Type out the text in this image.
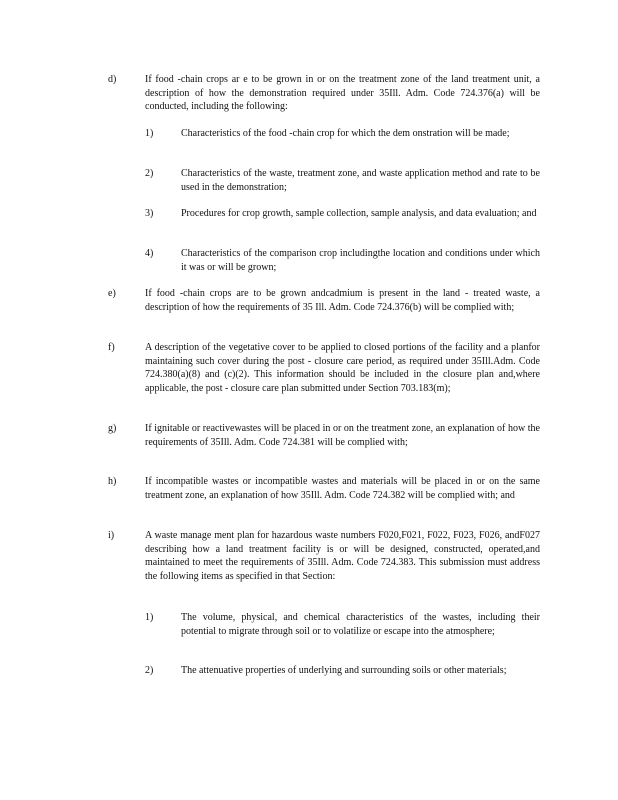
d)	If food -chain crops ar e to be grown in or on the treatment zone of the land treatment unit, a description of how the demonstration required under 35Ill. Adm. Code 724.376(a) will be conducted, including the following:
1)	Characteristics of the food -chain crop for which the dem onstration will be made;
2)	Characteristics of the waste, treatment zone, and waste application method and rate to be used in the demonstration;
3)	Procedures for crop growth, sample collection, sample analysis, and data evaluation; and
4)	Characteristics of the comparison crop includingthe location and conditions under which it was or will be grown;
e)	If food -chain crops are to be grown andcadmium is present in the land - treated waste, a description of how the requirements of 35 Ill. Adm. Code 724.376(b) will be complied with;
f)	A description of the vegetative cover to be applied to closed portions of the facility and a planfor maintaining such cover during the post - closure care period, as required under 35Ill.Adm. Code 724.380(a)(8) and (c)(2). This information should be included in the closure plan and,where applicable, the post - closure care plan submitted under Section 703.183(m);
g)	If ignitable or reactivewastes will be placed in or on the treatment zone, an explanation of how the requirements of 35Ill. Adm. Code 724.381 will be complied with;
h)	If incompatible wastes or incompatible wastes and materials will be placed in or on the same treatment zone, an explanation of how 35Ill. Adm. Code 724.382 will be complied with; and
i)	A waste manage ment plan for hazardous waste numbers F020,F021, F022, F023, F026, andF027 describing how a land treatment facility is or will be designed, constructed, operated,and maintained to meet the requirements of 35Ill. Adm. Code 724.383. This submission must address the following items as specified in that Section:
1)	The volume, physical, and chemical characteristics of the wastes, including their potential to migrate through soil or to volatilize or escape into the atmosphere;
2)	The attenuative properties of underlying and surrounding soils or other materials;
